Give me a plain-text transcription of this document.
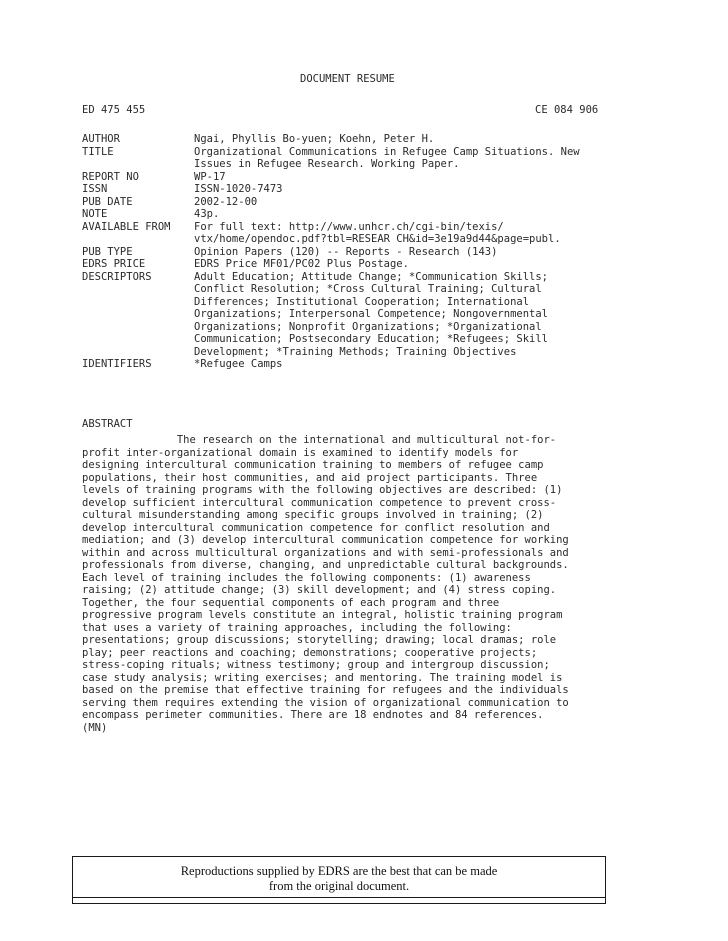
DOCUMENT RESUME
ED 475 455	CE 084 906
AUTHOR	Ngai, Phyllis Bo-yuen; Koehn, Peter H.
TITLE	Organizational Communications in Refugee Camp Situations. New
Issues in Refugee Research. Working Paper.
REPORT NO	WP-17
ISSN	ISSN-1020-7473
PUB DATE	2002-12-00
NOTE	43p.
AVAILABLE FROM	For full text: http://www.unhcr.ch/cgi-bin/texis/
vtx/home/opendoc.pdf?tbl=RESEAR CH&id=3e19a9d44&page=publ.
PUB TYPE	Opinion Papers (120) -- Reports - Research (143)
EDRS PRICE	EDRS Price MF01/PC02 Plus Postage.
DESCRIPTORS	Adult Education; Attitude Change; *Communication Skills;
Conflict Resolution; *Cross Cultural Training; Cultural
Differences; Institutional Cooperation; International
Organizations; Interpersonal Competence; Nongovernmental
Organizations; Nonprofit Organizations; *Organizational
Communication; Postsecondary Education; *Refugees; Skill
Development; *Training Methods; Training Objectives
IDENTIFIERS	*Refugee Camps
ABSTRACT
The research on the international and multicultural not-for-
profit inter-organizational domain is examined to identify models for
designing intercultural communication training to members of refugee camp
populations, their host communities, and aid project participants. Three
levels of training programs with the following objectives are described: (1)
develop sufficient intercultural communication competence to prevent cross-
cultural misunderstanding among specific groups involved in training; (2)
develop intercultural communication competence for conflict resolution and
mediation; and (3) develop intercultural communication competence for working
within and across multicultural organizations and with semi-professionals and
professionals from diverse, changing, and unpredictable cultural backgrounds.
Each level of training includes the following components: (1) awareness
raising; (2) attitude change; (3) skill development; and (4) stress coping.
Together, the four sequential components of each program and three
progressive program levels constitute an integral, holistic training program
that uses a variety of training approaches, including the following:
presentations; group discussions; storytelling; drawing; local dramas; role
play; peer reactions and coaching; demonstrations; cooperative projects;
stress-coping rituals; witness testimony; group and intergroup discussion;
case study analysis; writing exercises; and mentoring. The training model is
based on the premise that effective training for refugees and the individuals
serving them requires extending the vision of organizational communication to
encompass perimeter communities. There are 18 endnotes and 84 references.
(MN)
Reproductions supplied by EDRS are the best that can be made
from the original document.
